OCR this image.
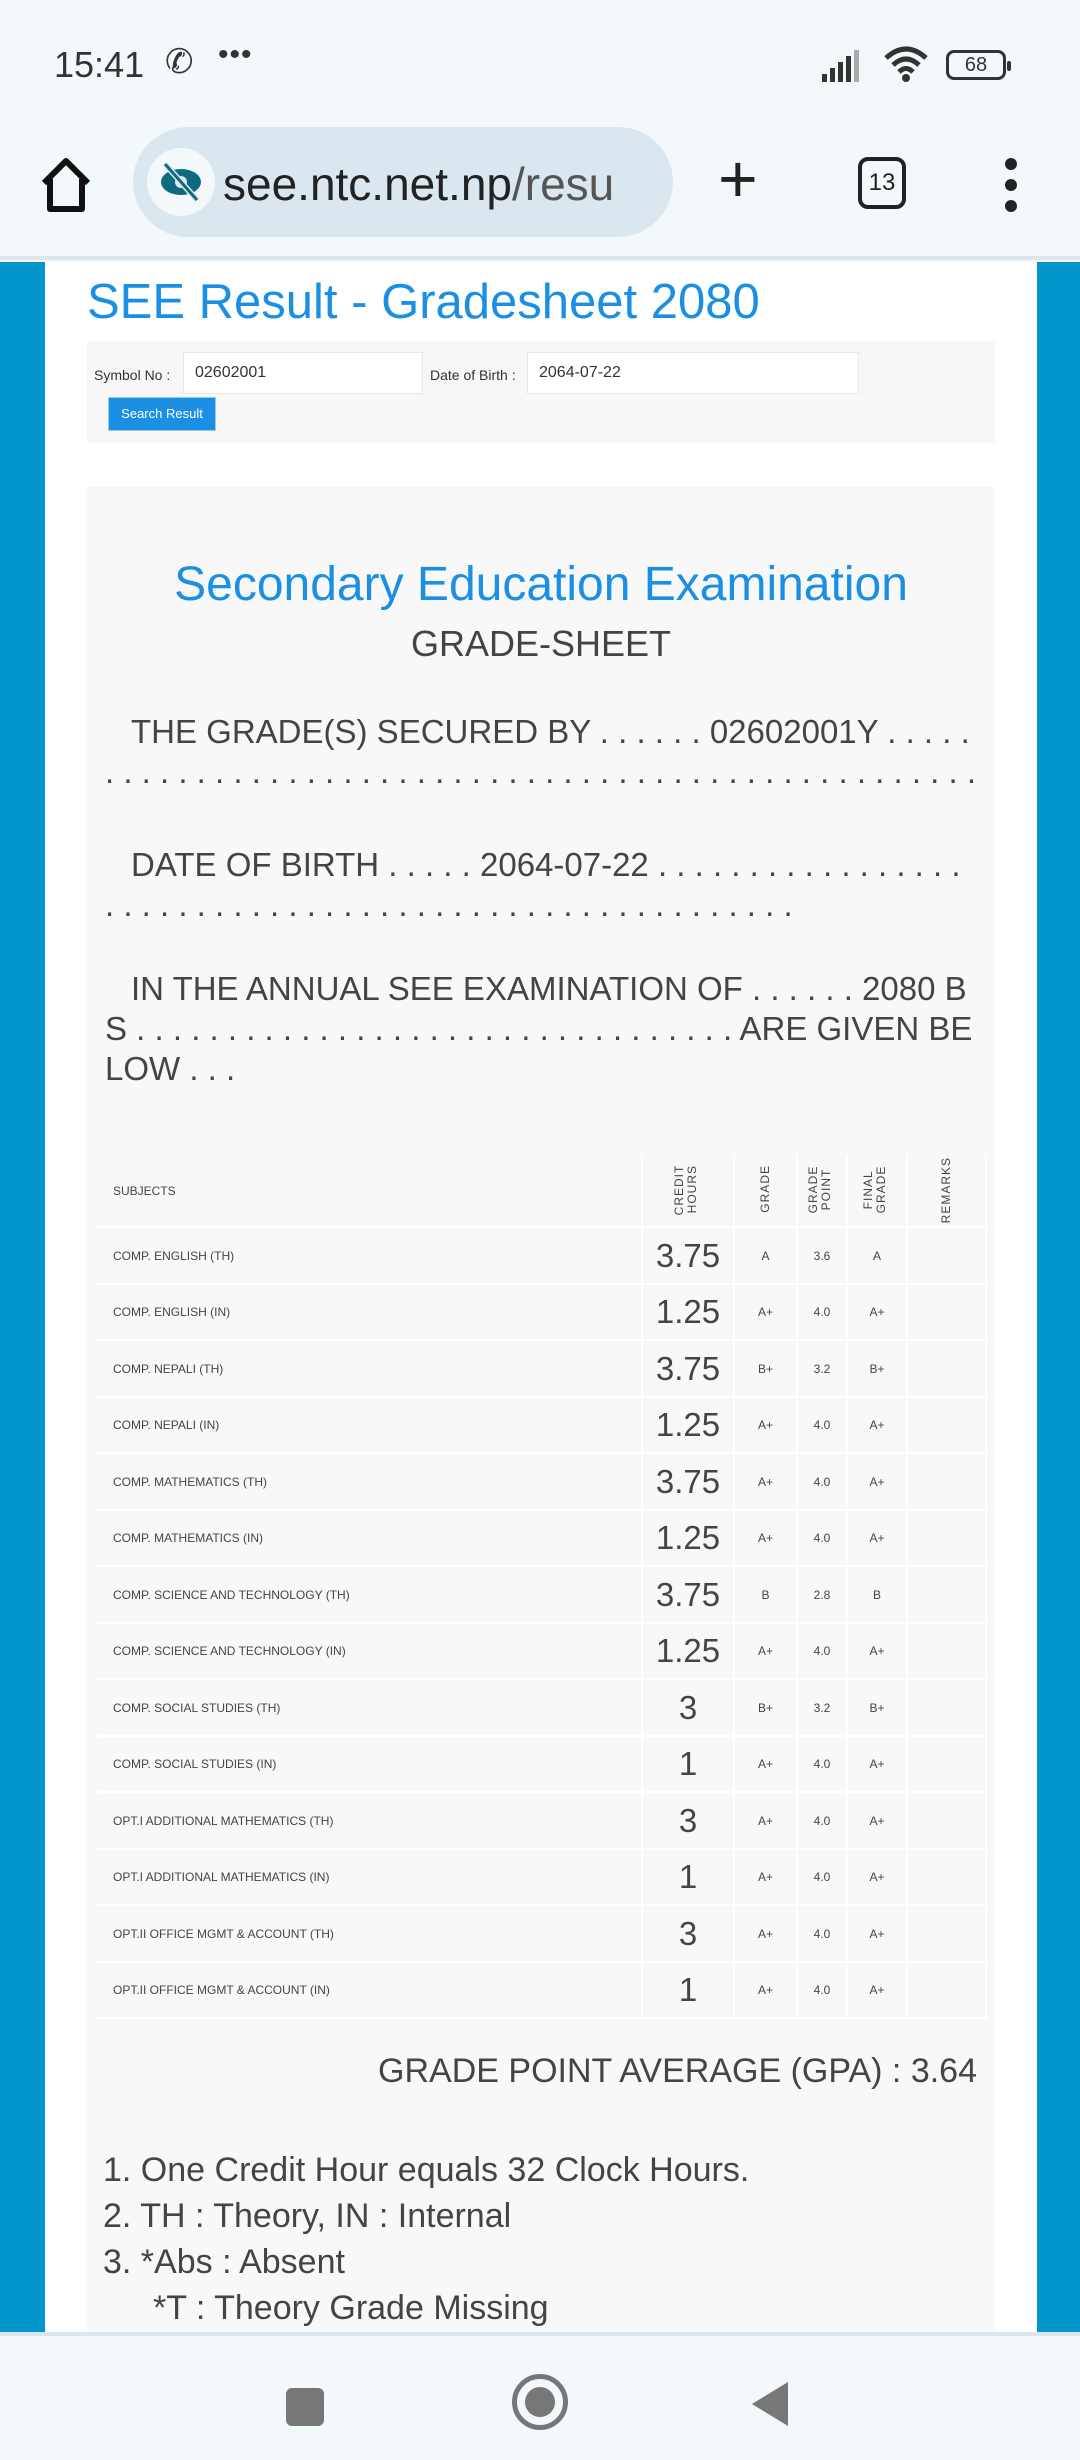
15:41 ✆ •••	68
see.ntc.net.np/resu +	13
SEE Result - Gradesheet 2080
Symbol No :	02602001	Date of Birth :	2064-07-22
Search Result
Secondary Education Examination
GRADE-SHEET
THE GRADE(S) SECURED BY . . . . . . 02602001Y . . . . . . . . . . . . . . . . . . . . . . . . . . . . . . . . . . . . . . . . . . . . . . . . . . . . .
DATE OF BIRTH . . . . . 2064-07-22 . . . . . . . . . . . . . . . . . . . . . . . . . . . . . . . . . . . . . . . . . . . . . . . . . . . . . . .
IN THE ANNUAL SEE EXAMINATION OF . . . . . . 2080 BS . . . . . . . . . . . . . . . . . . . . . . . . . . . . . . . . . ARE GIVEN BELOW . . .
SUBJECTS	CREDIT HOURS	GRADE	GRADE POINT	FINAL GRADE	REMARKS
COMP. ENGLISH (TH)	3.75	A	3.6	A	
COMP. ENGLISH (IN)	1.25	A+	4.0	A+	
COMP. NEPALI (TH)	3.75	B+	3.2	B+	
COMP. NEPALI (IN)	1.25	A+	4.0	A+	
COMP. MATHEMATICS (TH)	3.75	A+	4.0	A+	
COMP. MATHEMATICS (IN)	1.25	A+	4.0	A+	
COMP. SCIENCE AND TECHNOLOGY (TH)	3.75	B	2.8	B	
COMP. SCIENCE AND TECHNOLOGY (IN)	1.25	A+	4.0	A+	
COMP. SOCIAL STUDIES (TH)	3	B+	3.2	B+	
COMP. SOCIAL STUDIES (IN)	1	A+	4.0	A+	
OPT.I ADDITIONAL MATHEMATICS (TH)	3	A+	4.0	A+	
OPT.I ADDITIONAL MATHEMATICS (IN)	1	A+	4.0	A+	
OPT.II OFFICE MGMT & ACCOUNT (TH)	3	A+	4.0	A+	
OPT.II OFFICE MGMT & ACCOUNT (IN)	1	A+	4.0	A+	
GRADE POINT AVERAGE (GPA) : 3.64
1. One Credit Hour equals 32 Clock Hours.
2. TH : Theory, IN : Internal
3. *Abs : Absent
*T : Theory Grade Missing
